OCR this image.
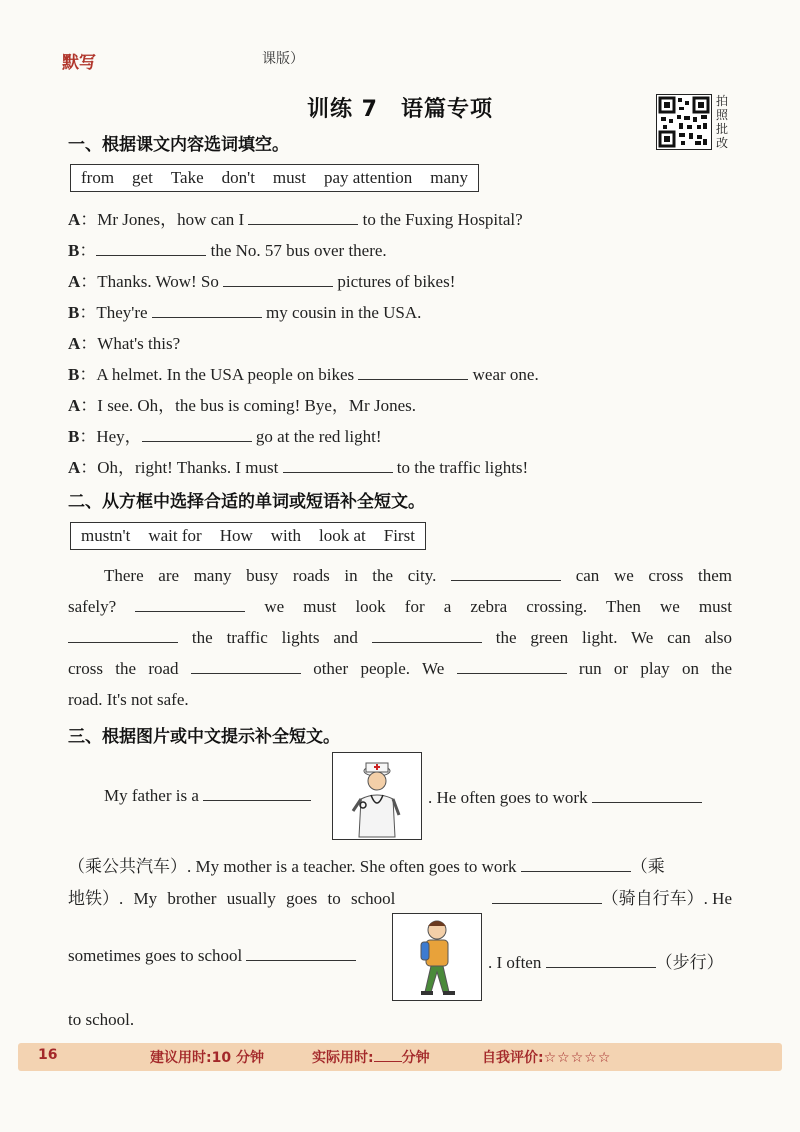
默写	课版）
训练 7　语篇专项	拍照批改
一、根据课文内容选词填空。
from get Take don't must pay attention many
A：Mr Jones，how can I	to the Fuxing Hospital?
B：	the No. 57 bus over there.
A：Thanks. Wow! So	pictures of bikes!
B：They're	my cousin in the USA.
A：What's this?
B：A helmet. In the USA people on bikes	wear one.
A：I see. Oh，the bus is coming! Bye，Mr Jones.
B：Hey，	go at the red light!
A：Oh，right! Thanks. I must	to the traffic lights!
二、从方框中选择合适的单词或短语补全短文。
mustn't wait for How with look at First

There are many busy roads in the city.	can we cross them

safely?	we must look for a zebra crossing. Then we must

the traffic lights and	the green light. We can also

cross the road	other people. We	run or play on the

road. It's not safe.

三、根据图片或中文提示补全短文。
My father is a	. He often goes to work
（乘公共汽车）. My mother is a teacher. She often goes to work	（乘
地铁）. My brother usually goes to school	（骑自行车）. He
sometimes goes to school	. I often	（步行）
to school.
16	建议用时:10 分钟	实际用时: 分钟	自我评价:☆☆☆☆☆
